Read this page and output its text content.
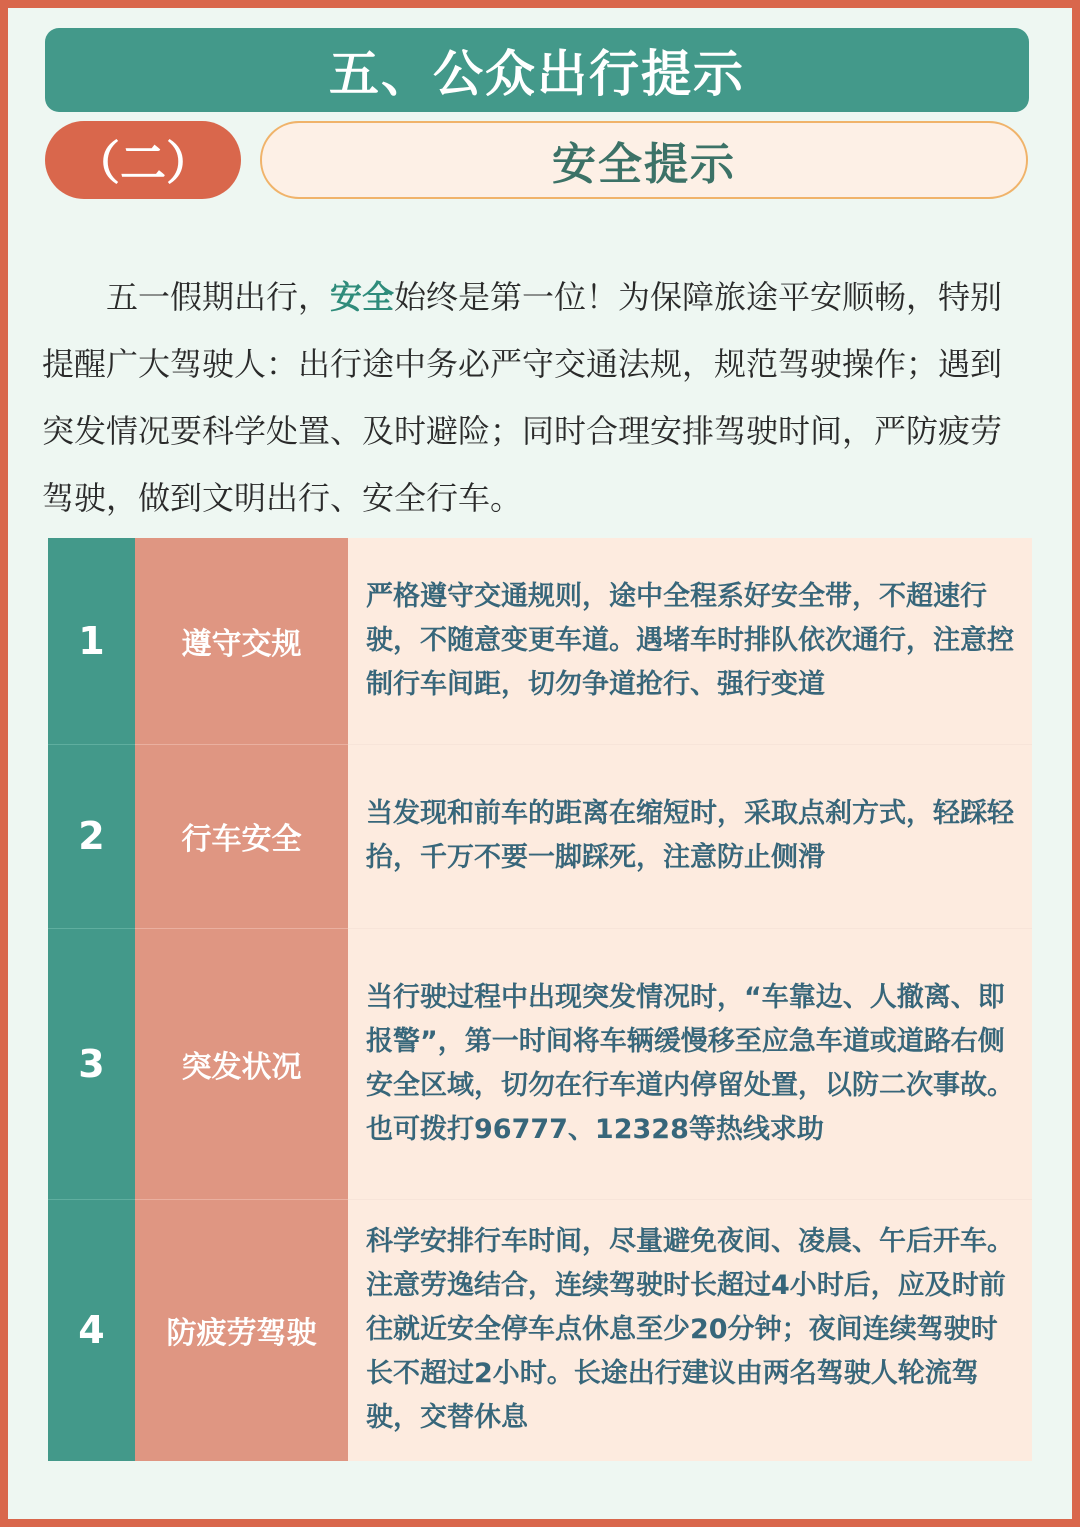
五、公众出行提示
（二）	安全提示

五一假期出行，安全始终是第一位！为保障旅途平安顺畅，特别提醒广大驾驶人：出行途中务必严守交通法规，规范驾驶操作；遇到突发情况要科学处置、及时避险；同时合理安排驾驶时间，严防疲劳驾驶，做到文明出行、安全行车。

1	遵守交规	严格遵守交通规则，途中全程系好安全带，不超速行驶，不随意变更车道。遇堵车时排队依次通行，注意控制行车间距，切勿争道抢行、强行变道
2	行车安全	当发现和前车的距离在缩短时，采取点刹方式，轻踩轻抬，千万不要一脚踩死，注意防止侧滑
3	突发状况	当行驶过程中出现突发情况时，“车靠边、人撤离、即报警”，第一时间将车辆缓慢移至应急车道或道路右侧安全区域，切勿在行车道内停留处置，以防二次事故。也可拨打96777、12328等热线求助
4	防疲劳驾驶	科学安排行车时间，尽量避免夜间、凌晨、午后开车。注意劳逸结合，连续驾驶时长超过4小时后，应及时前往就近安全停车点休息至少20分钟；夜间连续驾驶时长不超过2小时。长途出行建议由两名驾驶人轮流驾驶，交替休息
